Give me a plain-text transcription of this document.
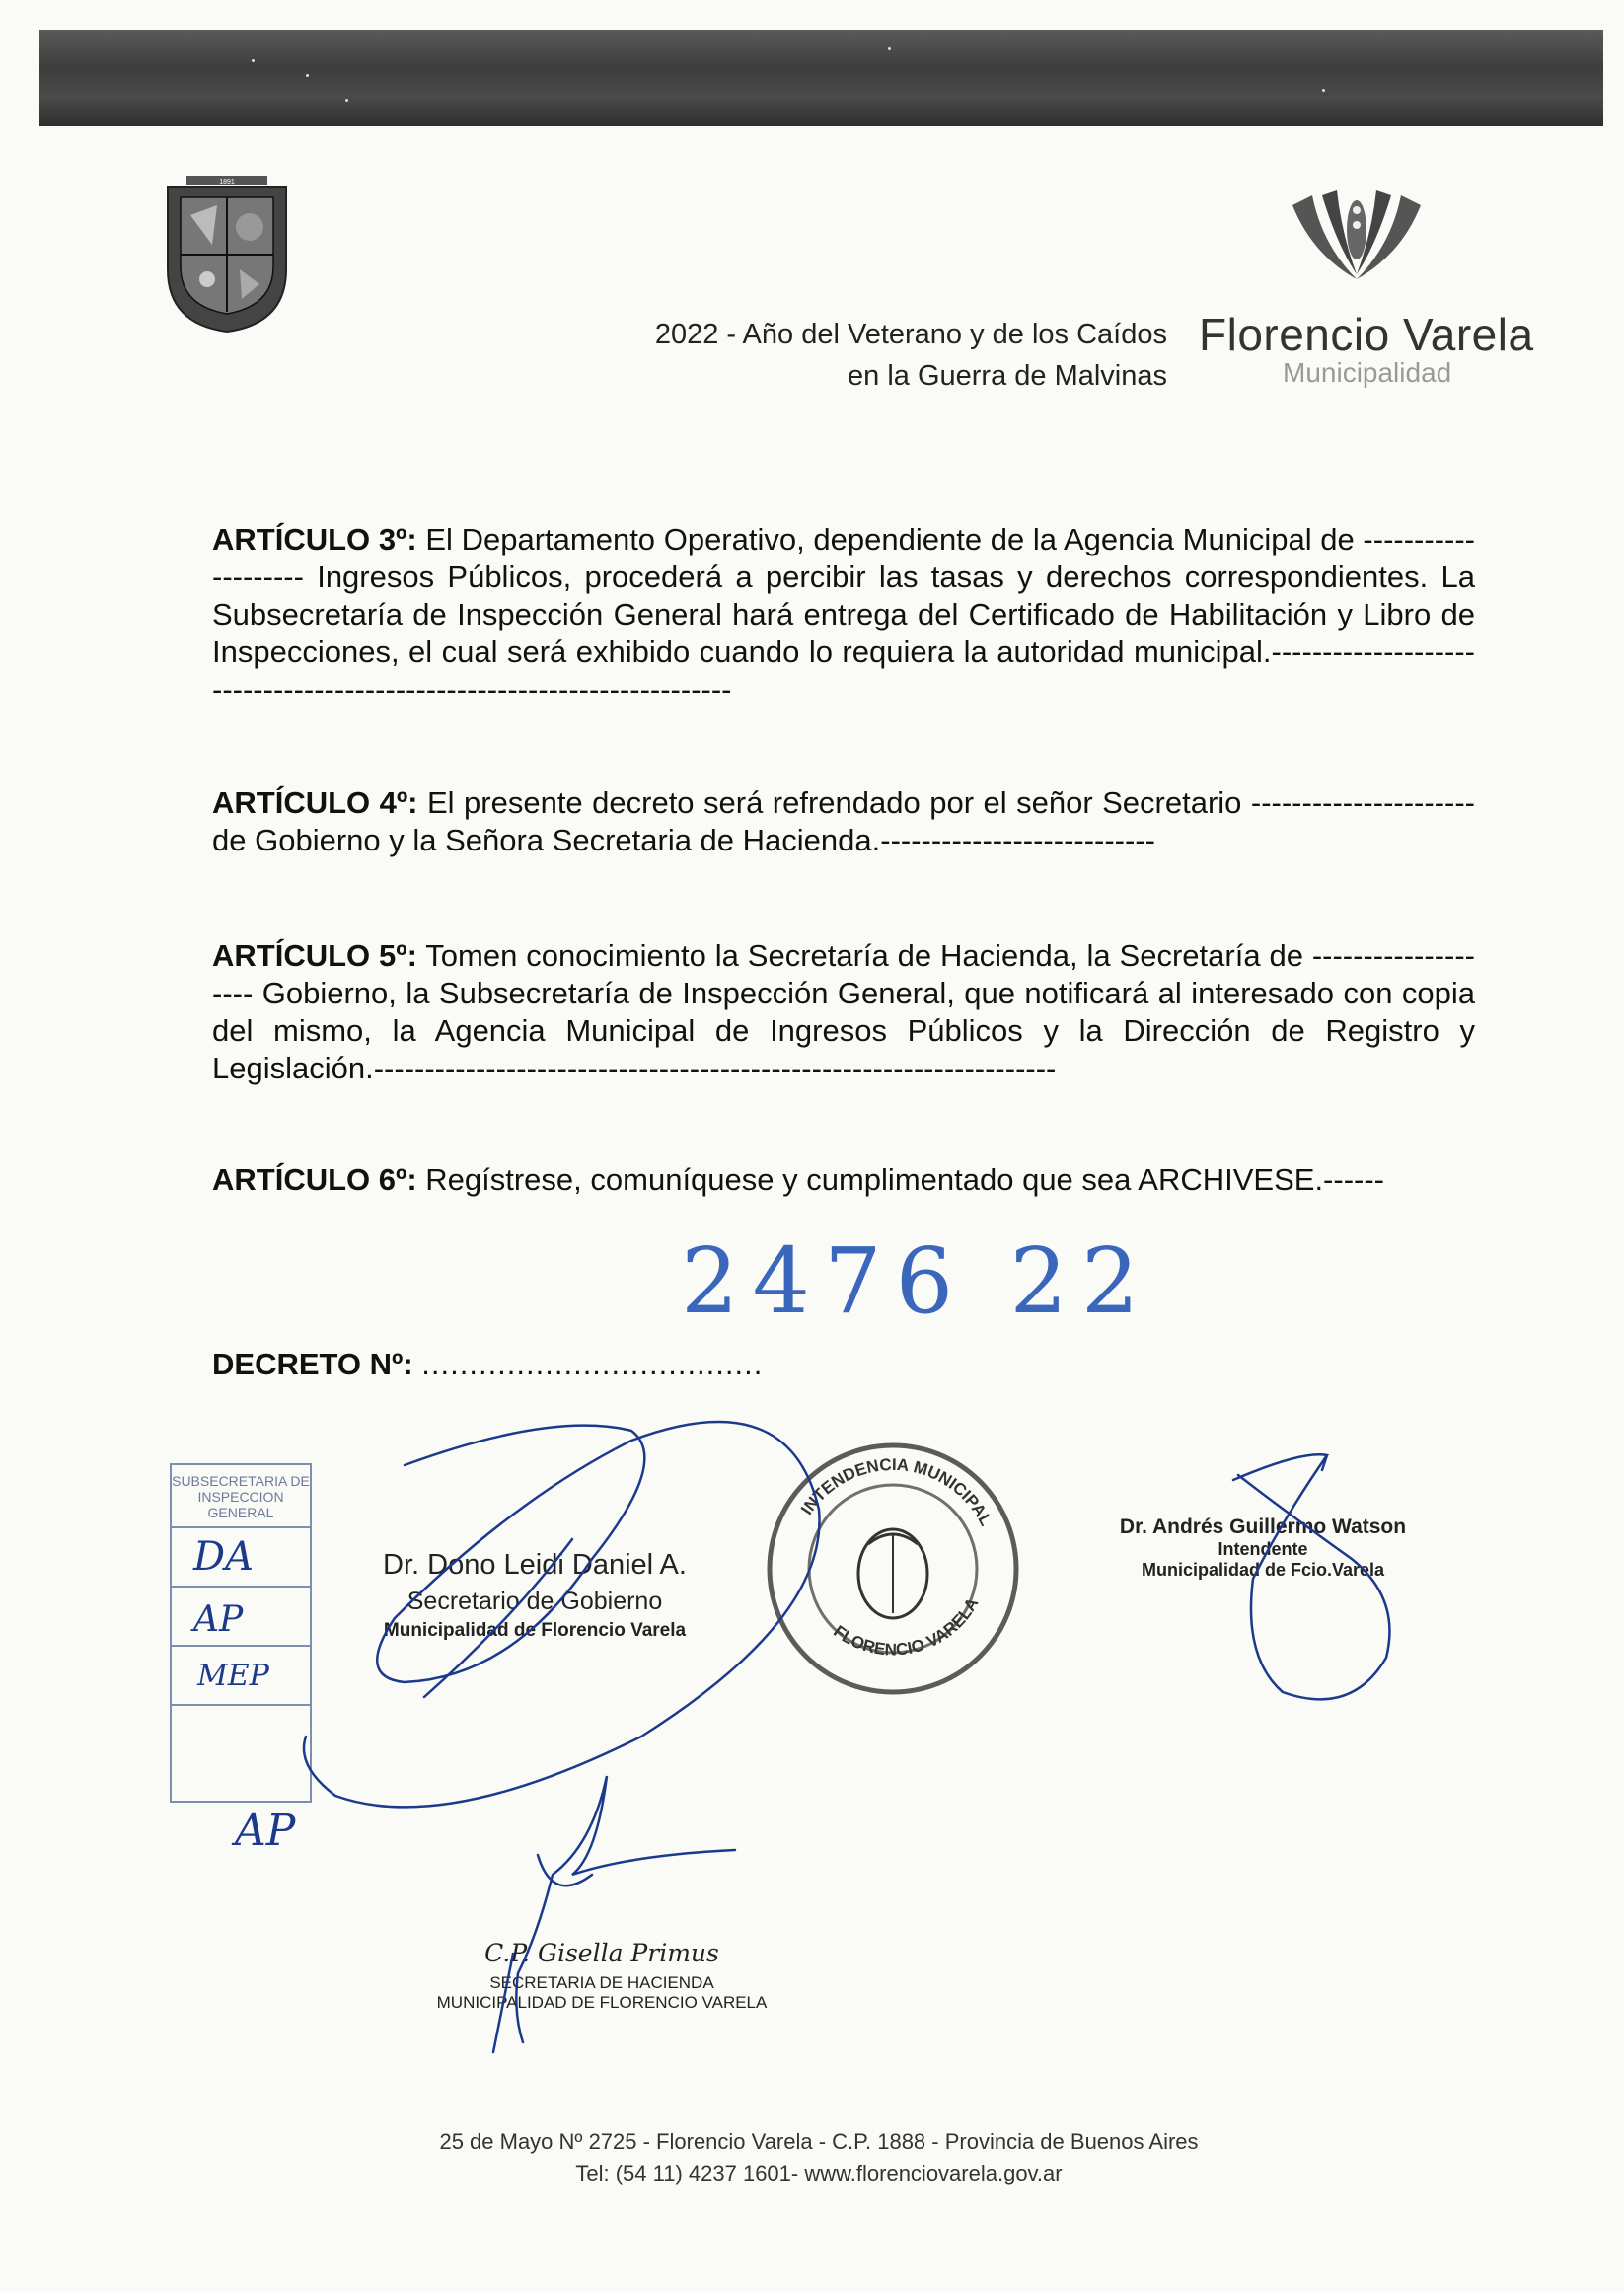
1891
2022 - Año del Veterano y de los Caídos
en la Guerra de Malvinas
Florencio Varela
Municipalidad
ARTÍCULO 3º: El Departamento Operativo, dependiente de la Agencia Municipal de -------------------- Ingresos Públicos, procederá a percibir las tasas y derechos correspondientes. La Subsecretaría de Inspección General hará entrega del Certificado de Habilitación y Libro de Inspecciones, el cual será exhibido cuando lo requiera la autoridad municipal.-----------------------------------------------------------------------
ARTÍCULO 4º: El presente decreto será refrendado por el señor Secretario ---------------------- de Gobierno y la Señora Secretaria de Hacienda.---------------------------
ARTÍCULO 5º: Tomen conocimiento la Secretaría de Hacienda, la Secretaría de -------------------- Gobierno, la Subsecretaría de Inspección General, que notificará al interesado con copia del mismo, la Agencia Municipal de Ingresos Públicos y la Dirección de Registro y Legislación.-------------------------------------------------------------------
ARTÍCULO 6º: Regístrese, comuníquese y cumplimentado que sea ARCHIVESE.------
2476 22
DECRETO Nº: ....................................
SUBSECRETARIA DE INSPECCION GENERAL
DA
AP
MEP
AP
INTENDENCIA MUNICIPAL
FLORENCIO VARELA
Dr. Dono Leidi Daniel A.
Secretario de Gobierno
Municipalidad de Florencio Varela
Dr. Andrés Guillermo Watson
Intendente
Municipalidad de Fcio.Varela
C.P. Gisella Primus
SECRETARIA DE HACIENDA
MUNICIPALIDAD DE FLORENCIO VARELA
25 de Mayo Nº 2725 - Florencio Varela - C.P. 1888 - Provincia de Buenos Aires
Tel: (54 11) 4237 1601- www.florenciovarela.gov.ar
